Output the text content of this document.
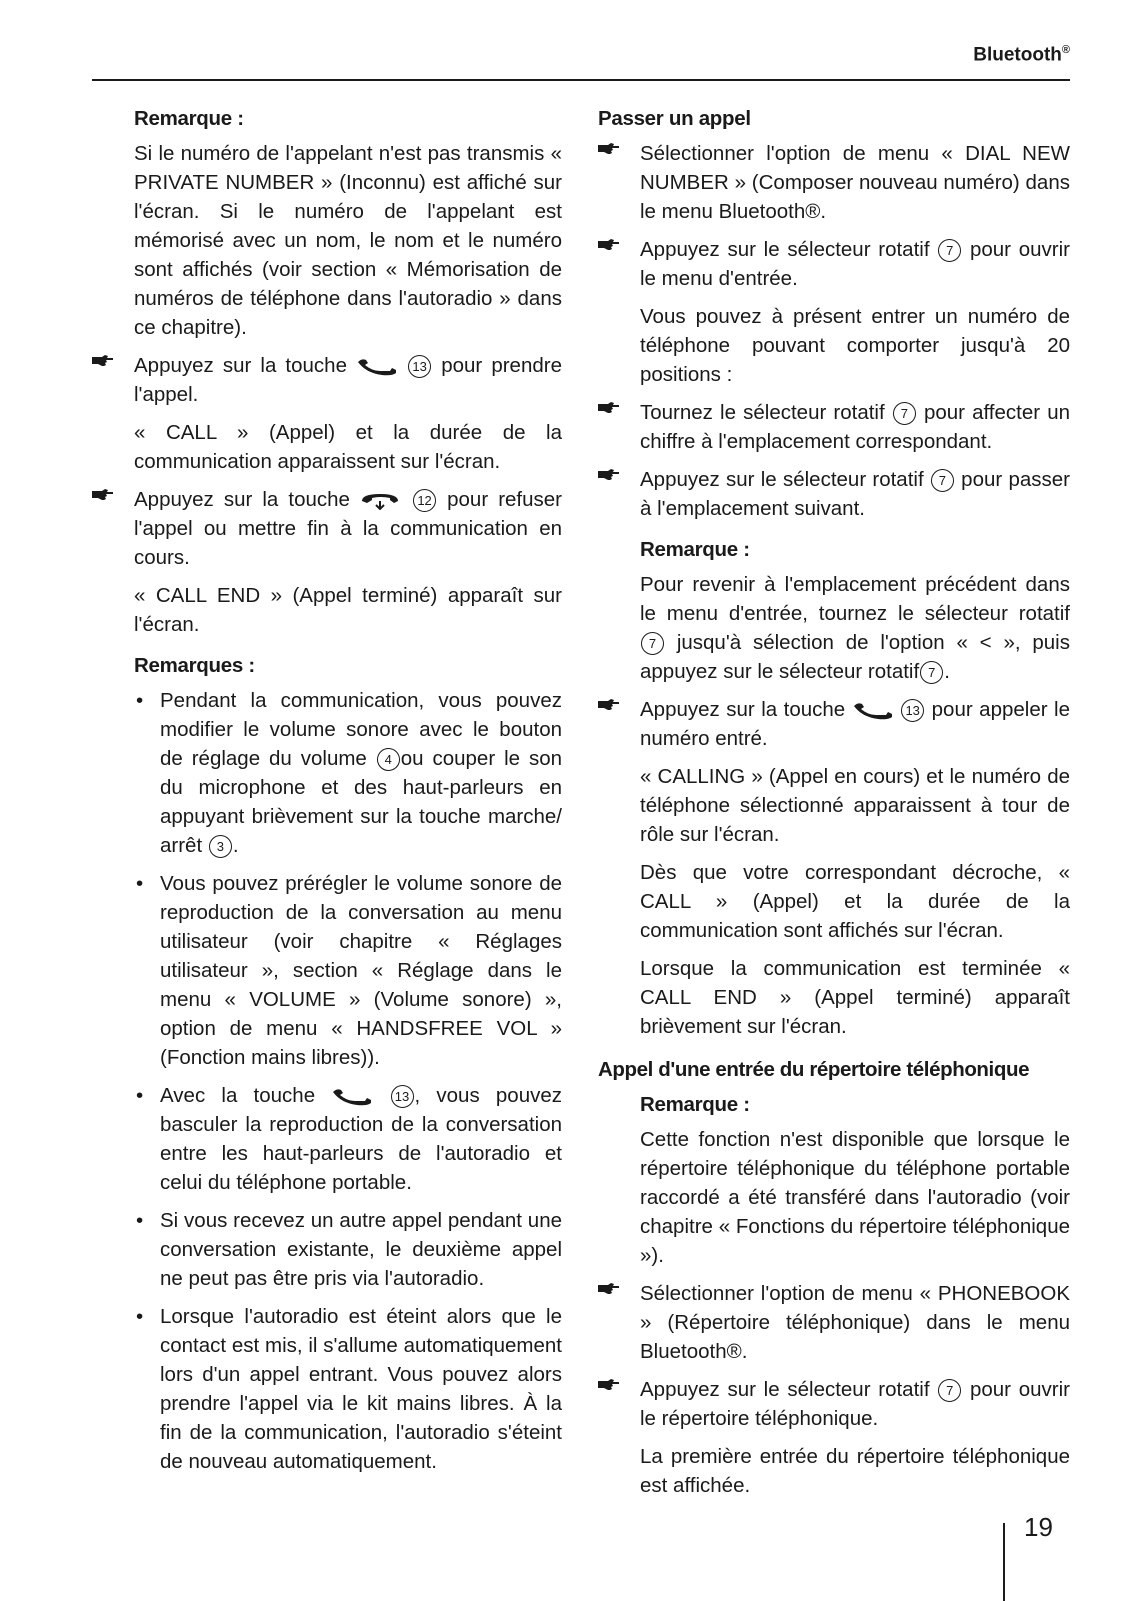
Bluetooth®
Remarque :

Si le numéro de l'appelant n'est pas transmis « PRIVATE NUMBER » (Inconnu) est affiché sur l'écran. Si le numéro de l'appelant est mémorisé avec un nom, le nom et le numéro sont affichés (voir section « Mémorisation de numéros de téléphone dans l'autoradio » dans ce chapitre).

Appuyez sur la touche	13 pour prendre l'appel.

« CALL » (Appel) et la durée de la communication apparaissent sur l'écran.

Appuyez sur la touche	12 pour refuser l'appel ou mettre fin à la communication en cours.

« CALL END » (Appel terminé) apparaît sur l'écran.

Remarques :
• Pendant la communication, vous pouvez modifier le volume sonore avec le bouton de réglage du volume 4 ou couper le son du microphone et des haut-parleurs en appuyant brièvement sur la touche marche/ arrêt 3 .
• Vous pouvez prérégler le volume sonore de reproduction de la conversation au menu utilisateur (voir chapitre « Réglages utilisateur », section « Réglage dans le menu « VOLUME » (Volume sonore) », option de menu « HANDSFREE VOL » (Fonction mains libres)).
• Avec la touche	13 , vous pouvez basculer la reproduction de la conversation entre les haut-parleurs de l'autoradio et celui du téléphone portable.
• Si vous recevez un autre appel pendant une conversation existante, le deuxième appel ne peut pas être pris via l'autoradio.
• Lorsque l'autoradio est éteint alors que le contact est mis, il s'allume automatiquement lors d'un appel entrant. Vous pouvez alors prendre l'appel via le kit mains libres. À la fin de la communication, l'autoradio s'éteint de nouveau automatiquement.
Passer un appel
Sélectionner l'option de menu « DIAL NEW NUMBER » (Composer nouveau numéro) dans le menu Bluetooth®.
Appuyez sur le sélecteur rotatif 7 pour ouvrir le menu d'entrée.

Vous pouvez à présent entrer un numéro de téléphone pouvant comporter jusqu'à 20 positions :

Tournez le sélecteur rotatif 7 pour affecter un chiffre à l'emplacement correspondant.
Appuyez sur le sélecteur rotatif 7 pour passer à l'emplacement suivant.
Remarque :

Pour revenir à l'emplacement précédent dans le menu d'entrée, tournez le sélecteur rotatif 7 jusqu'à sélection de l'option « < », puis appuyez sur le sélecteur rotatif 7 .

Appuyez sur la touche	13 pour appeler le numéro entré.

« CALLING » (Appel en cours) et le numéro de téléphone sélectionné apparaissent à tour de rôle sur l'écran.

Dès que votre correspondant décroche, « CALL » (Appel) et la durée de la communication sont affichés sur l'écran.

Lorsque la communication est terminée « CALL END » (Appel terminé) apparaît brièvement sur l'écran.

Appel d'une entrée du répertoire téléphonique
Remarque :

Cette fonction n'est disponible que lorsque le répertoire téléphonique du téléphone portable raccordé a été transféré dans l'autoradio (voir chapitre « Fonctions du répertoire téléphonique »).

Sélectionner l'option de menu « PHONEBOOK » (Répertoire téléphonique) dans le menu Bluetooth®.
Appuyez sur le sélecteur rotatif 7 pour ouvrir le répertoire téléphonique.

La première entrée du répertoire téléphonique est affichée.

19
